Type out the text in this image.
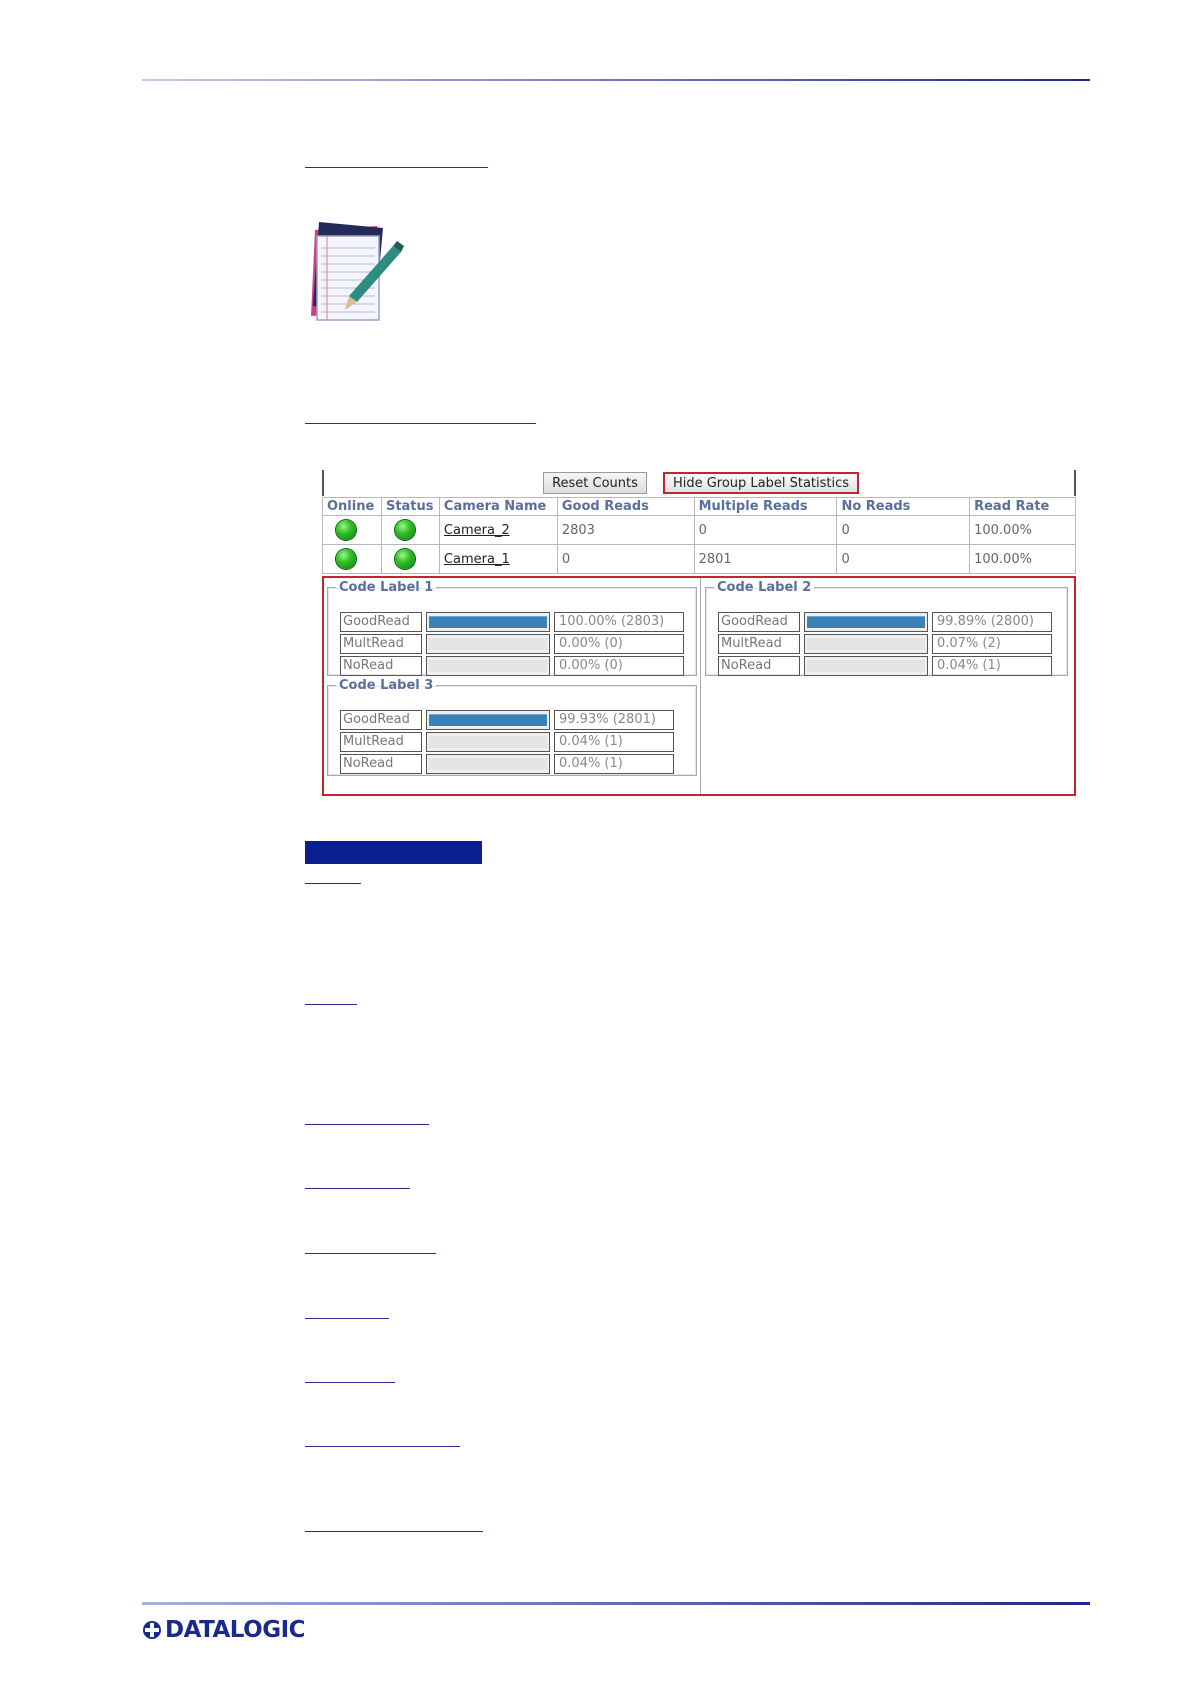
Reset Counts	Hide Group Label Statistics
Online	Status	Camera Name	Good Reads	Multiple Reads	No Reads	Read Rate
		Camera_2	2803	0	0	100.00%
		Camera_1	0	2801	0	100.00%
Code Label 1
GoodRead	100.00% (2803)
MultRead	0.00% (0)
NoRead	0.00% (0)
Code Label 2
GoodRead	99.89% (2800)
MultRead	0.07% (2)
NoRead	0.04% (1)
Code Label 3
GoodRead	99.93% (2801)
MultRead	0.04% (1)
NoRead	0.04% (1)
DATALOGIC
